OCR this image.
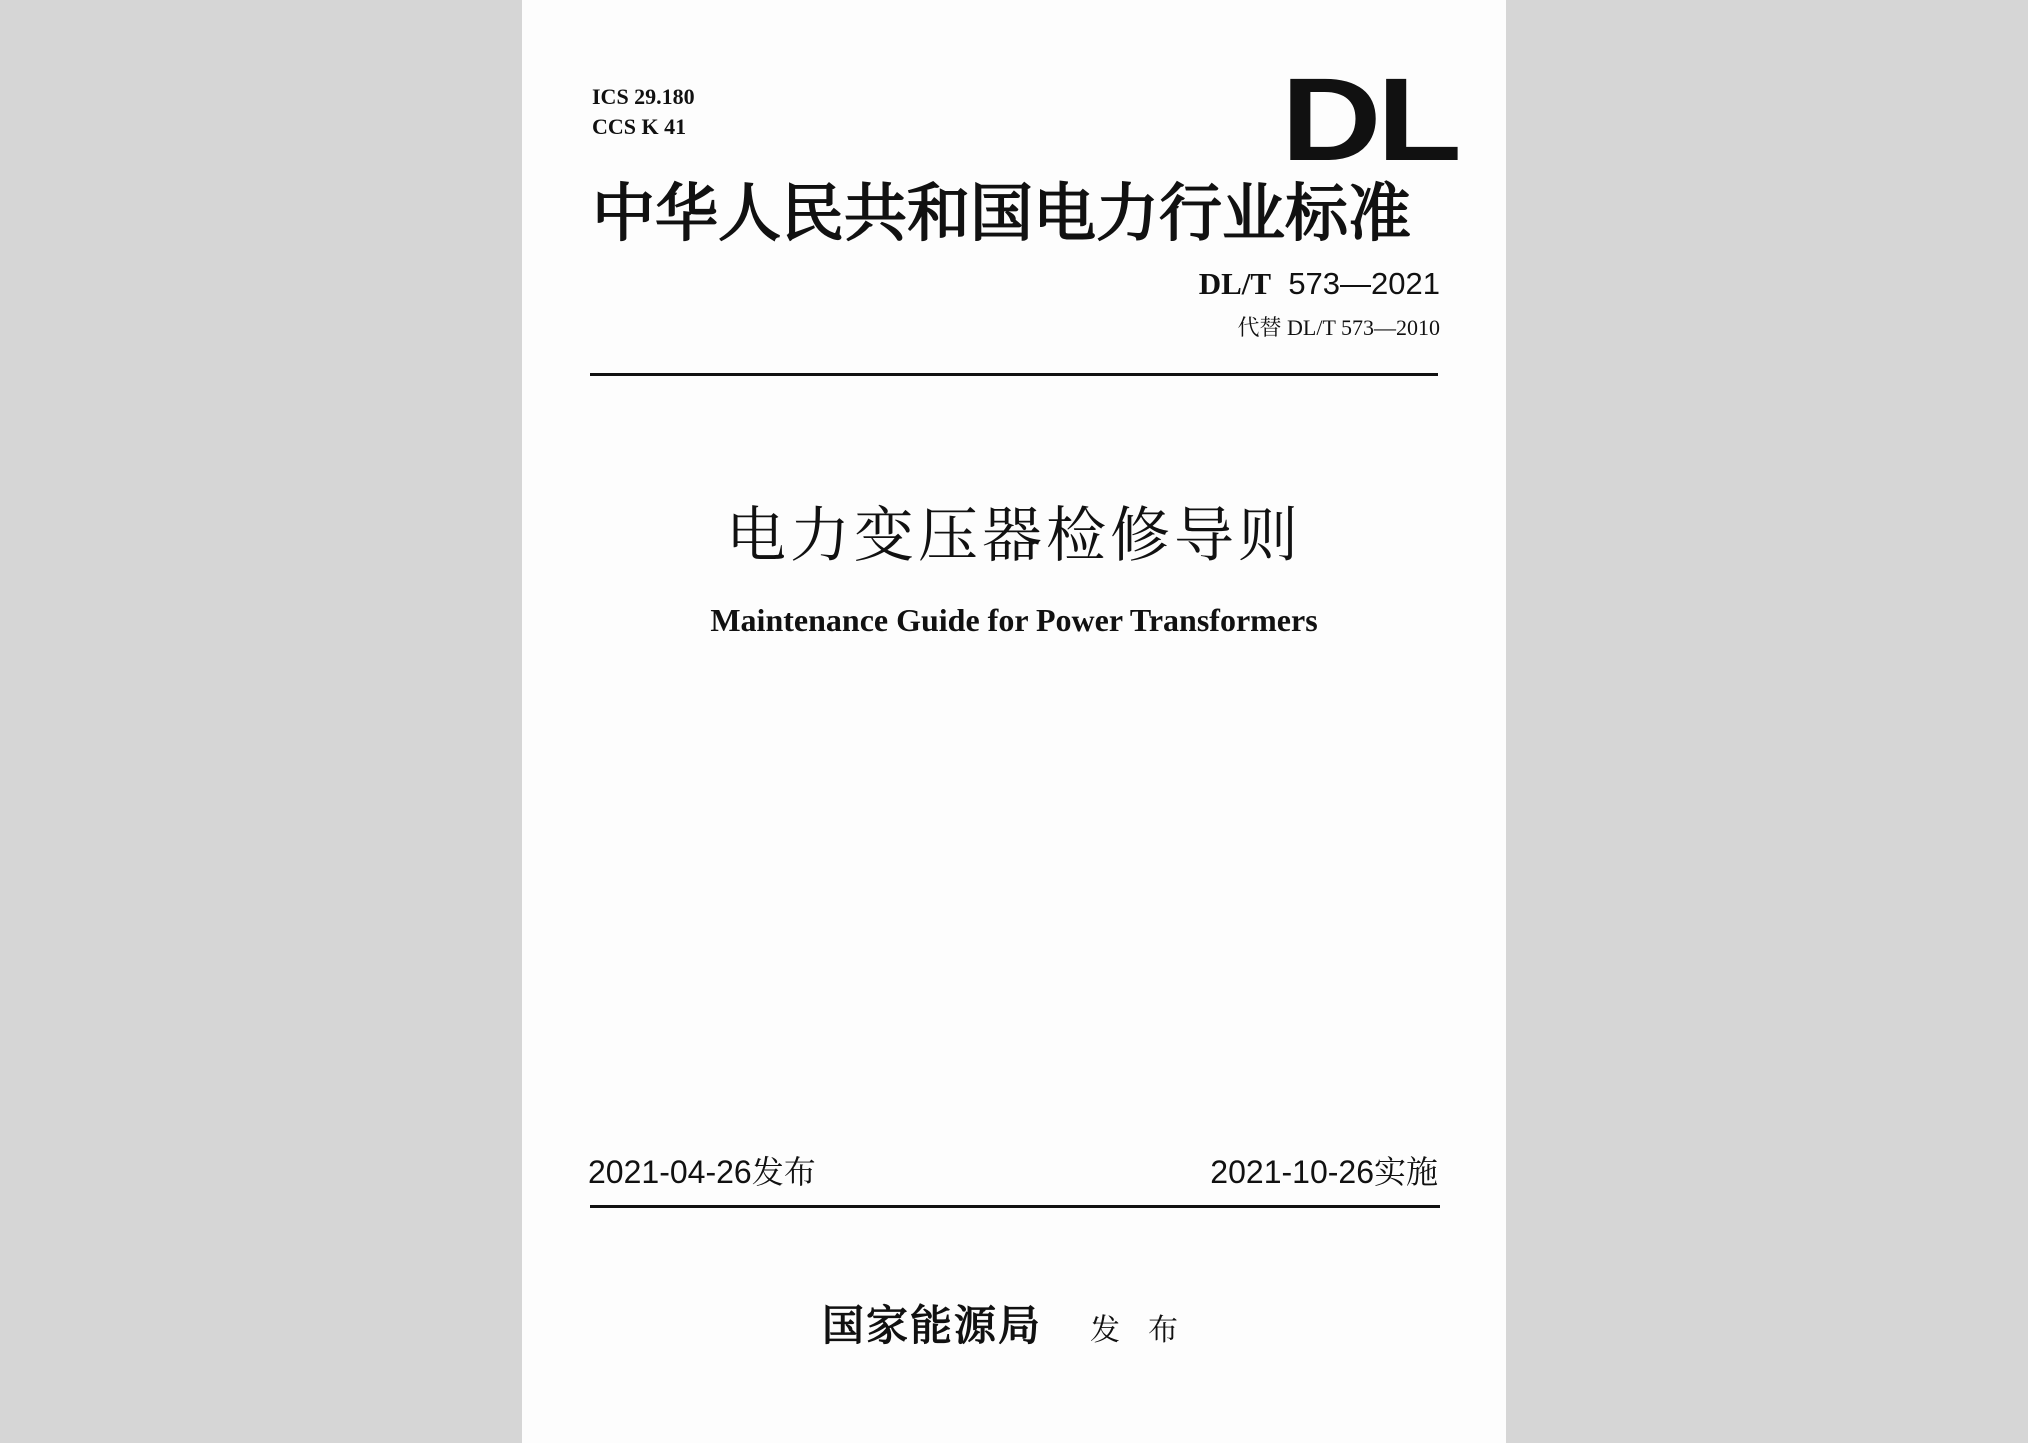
ICS 29.180
CCS K 41	DL
中华人民共和国电力行业标准
DL/T 573—2021
代替 DL/T 573—2010
电力变压器检修导则
Maintenance Guide for Power Transformers
2021-04-26发布	2021-10-26实施
国家能源局 发布
